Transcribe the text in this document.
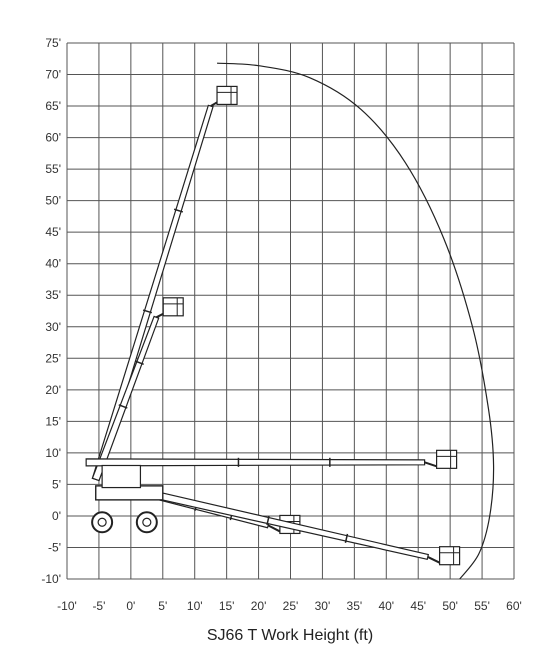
75'
70'
65'
60'
55'
50'
45'
40'
35'
30'
25'
20'
15'
10'
5'
0'
-5'
-10'
-10' -5' 0' 5' 10' 15' 20' 25' 30' 35' 40' 45' 50' 55' 60'
SJ66 T Work Height (ft)
